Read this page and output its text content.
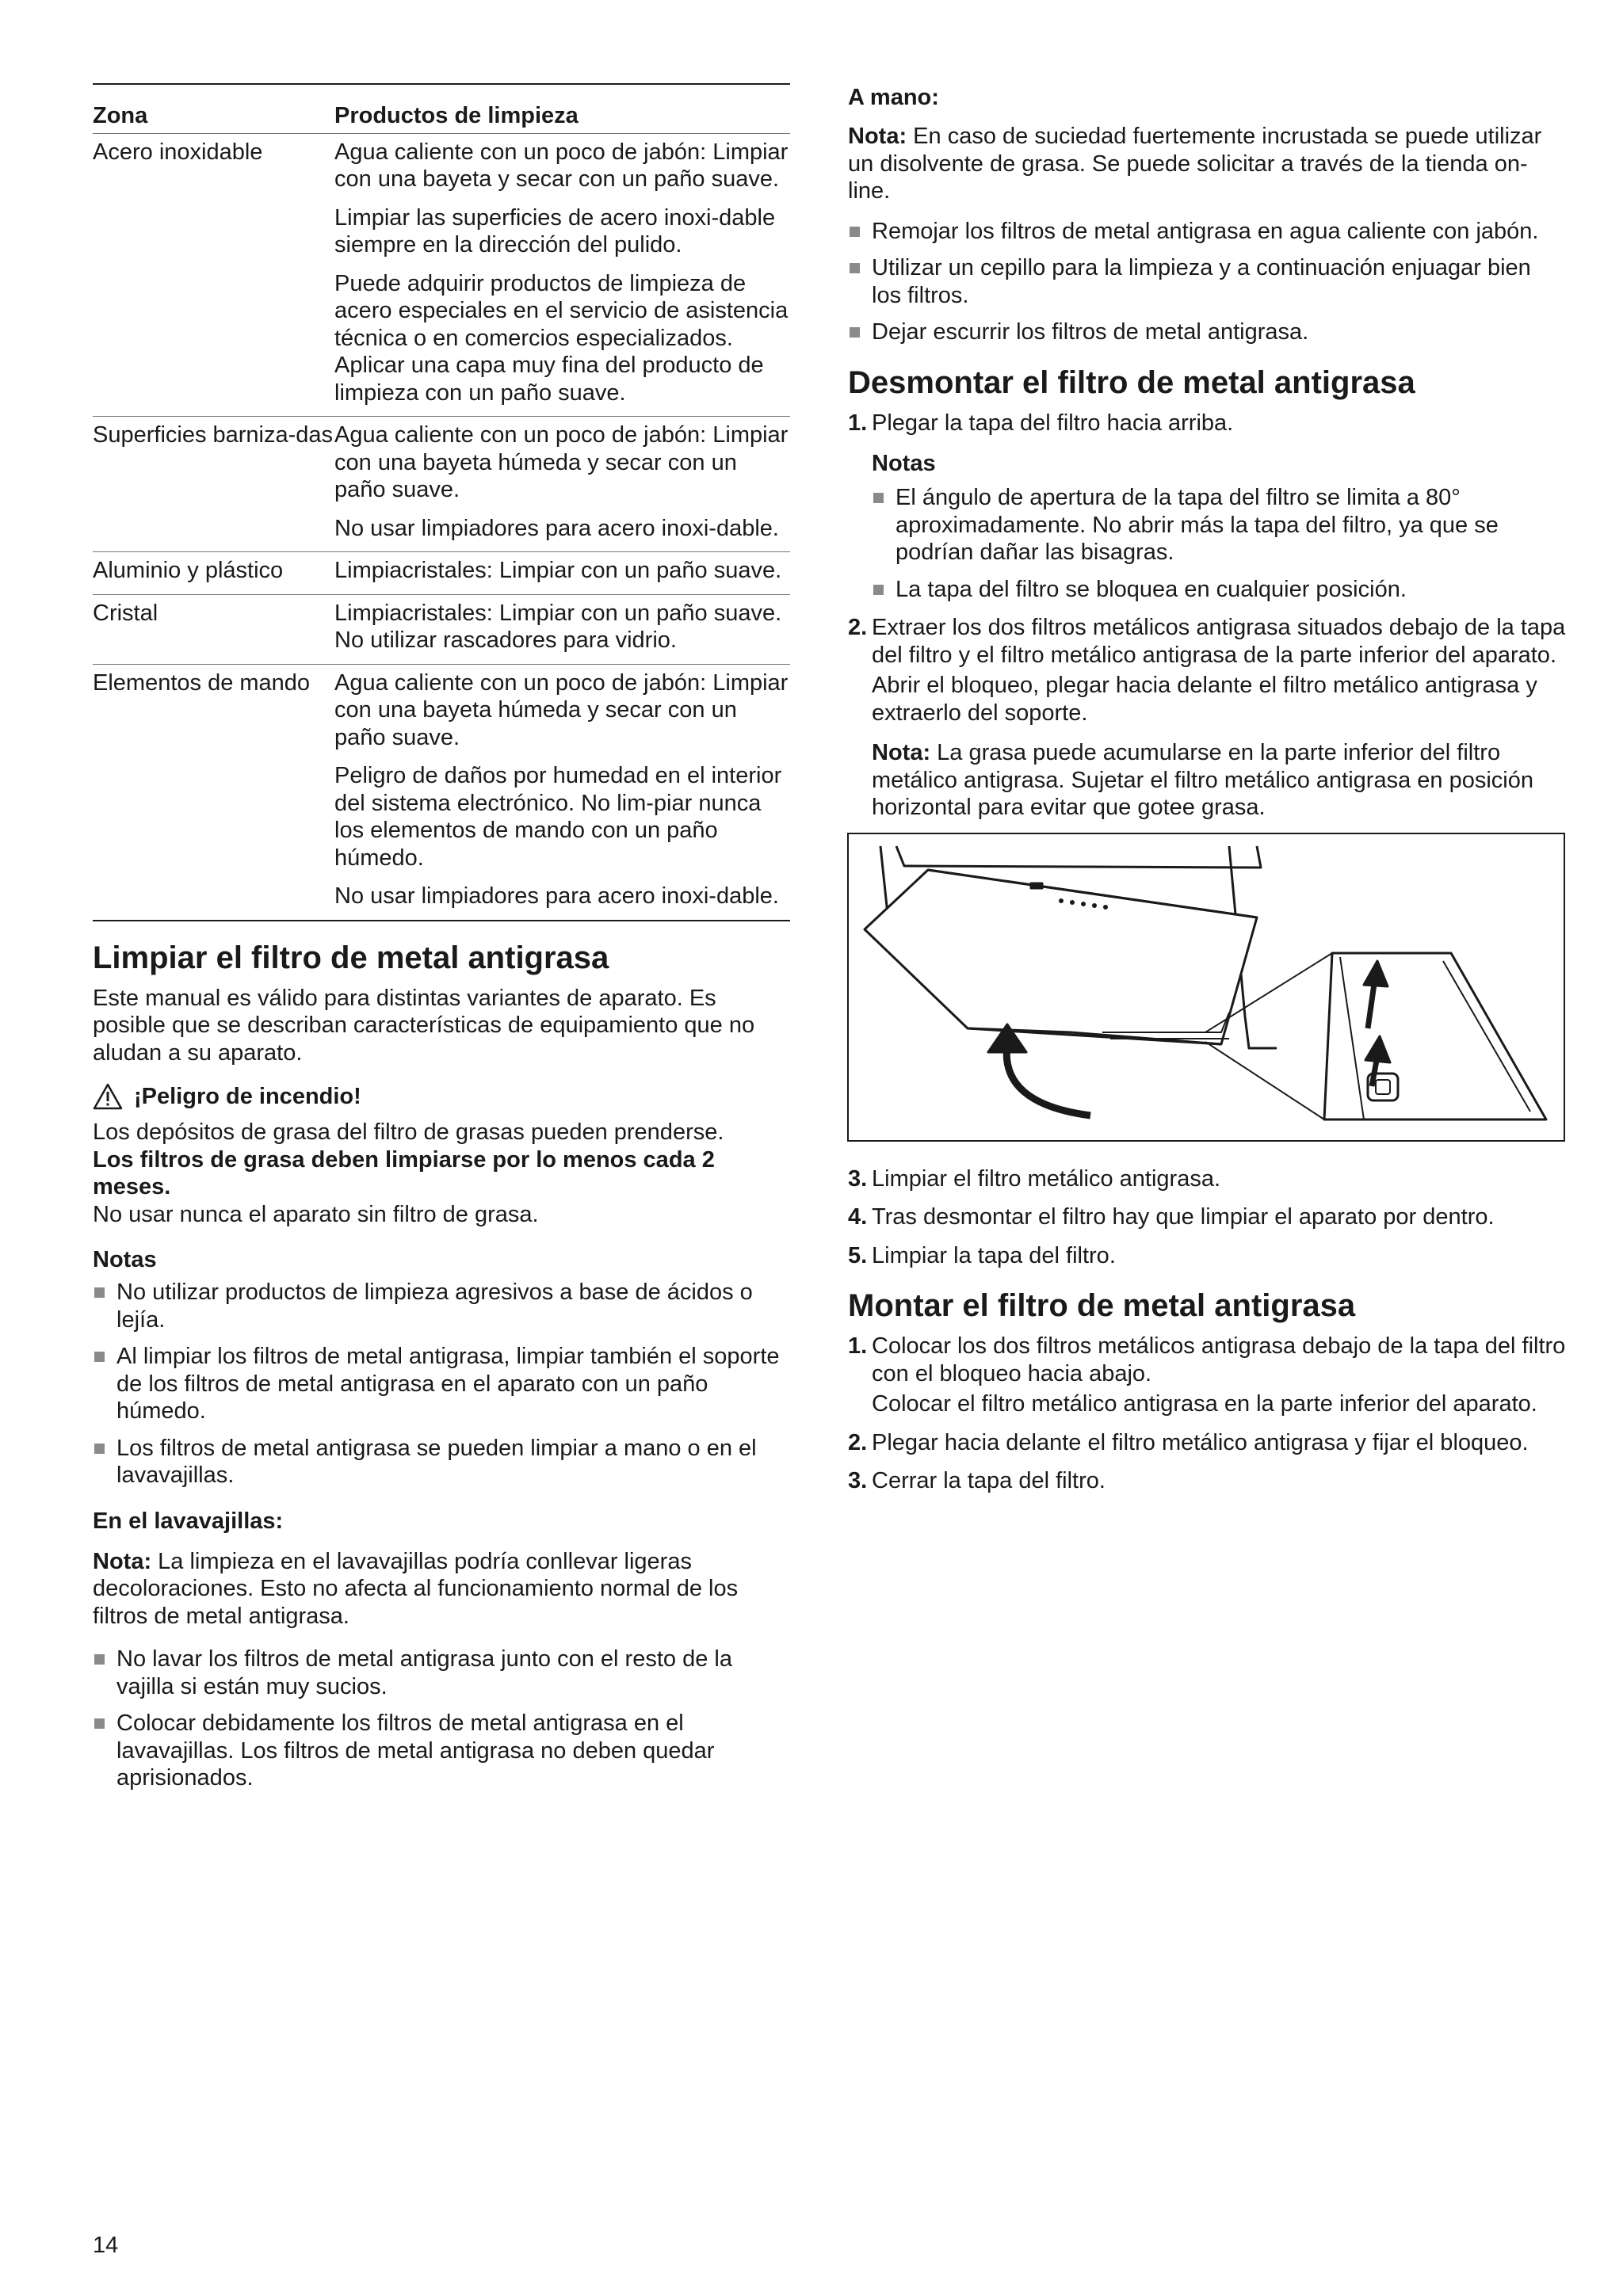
Zona	Productos de limpieza
Acero inoxidable	Agua caliente con un poco de jabón: Limpiar con una bayeta y secar con un paño suave.

Limpiar las superficies de acero inoxi-dable siempre en la dirección del pulido.

Puede adquirir productos de limpieza de acero especiales en el servicio de asistencia técnica o en comercios especializados. Aplicar una capa muy fina del producto de limpieza con un paño suave.

Superficies barniza-das	Agua caliente con un poco de jabón: Limpiar con una bayeta húmeda y secar con un paño suave.

No usar limpiadores para acero inoxi-dable.

Aluminio y plástico	Limpiacristales: Limpiar con un paño suave.

Cristal	Limpiacristales: Limpiar con un paño suave. No utilizar rascadores para vidrio.

Elementos de mando	Agua caliente con un poco de jabón: Limpiar con una bayeta húmeda y secar con un paño suave.

Peligro de daños por humedad en el interior del sistema electrónico. No lim-piar nunca los elementos de mando con un paño húmedo.

No usar limpiadores para acero inoxi-dable.

Limpiar el filtro de metal antigrasa

Este manual es válido para distintas variantes de aparato. Es posible que se describan características de equipamiento que no aludan a su aparato.

¡Peligro de incendio!

Los depósitos de grasa del filtro de grasas pueden prenderse.

Los filtros de grasa deben limpiarse por lo menos cada 2 meses.

No usar nunca el aparato sin filtro de grasa.

Notas
No utilizar productos de limpieza agresivos a base de ácidos o lejía.
Al limpiar los filtros de metal antigrasa, limpiar también el soporte de los filtros de metal antigrasa en el aparato con un paño húmedo.
Los filtros de metal antigrasa se pueden limpiar a mano o en el lavavajillas.
En el lavavajillas:

Nota: La limpieza en el lavavajillas podría conllevar ligeras decoloraciones. Esto no afecta al funcionamiento normal de los filtros de metal antigrasa.

No lavar los filtros de metal antigrasa junto con el resto de la vajilla si están muy sucios.
Colocar debidamente los filtros de metal antigrasa en el lavavajillas. Los filtros de metal antigrasa no deben quedar aprisionados.
A mano:

Nota: En caso de suciedad fuertemente incrustada se puede utilizar un disolvente de grasa. Se puede solicitar a través de la tienda on-line.

Remojar los filtros de metal antigrasa en agua caliente con jabón.
Utilizar un cepillo para la limpieza y a continuación enjuagar bien los filtros.
Dejar escurrir los filtros de metal antigrasa.
Desmontar el filtro de metal antigrasa
1. Plegar la tapa del filtro hacia arriba.
Notas
El ángulo de apertura de la tapa del filtro se limita a 80° aproximadamente. No abrir más la tapa del filtro, ya que se podrían dañar las bisagras.
La tapa del filtro se bloquea en cualquier posición.
2. Extraer los dos filtros metálicos antigrasa situados debajo de la tapa del filtro y el filtro metálico antigrasa de la parte inferior del aparato.

Abrir el bloqueo, plegar hacia delante el filtro metálico antigrasa y extraerlo del soporte.

Nota: La grasa puede acumularse en la parte inferior del filtro metálico antigrasa. Sujetar el filtro metálico antigrasa en posición horizontal para evitar que gotee grasa.

3. Limpiar el filtro metálico antigrasa.
4. Tras desmontar el filtro hay que limpiar el aparato por dentro.
5. Limpiar la tapa del filtro.
Montar el filtro de metal antigrasa
1. Colocar los dos filtros metálicos antigrasa debajo de la tapa del filtro con el bloqueo hacia abajo.

Colocar el filtro metálico antigrasa en la parte inferior del aparato.

2. Plegar hacia delante el filtro metálico antigrasa y fijar el bloqueo.
3. Cerrar la tapa del filtro.
14
